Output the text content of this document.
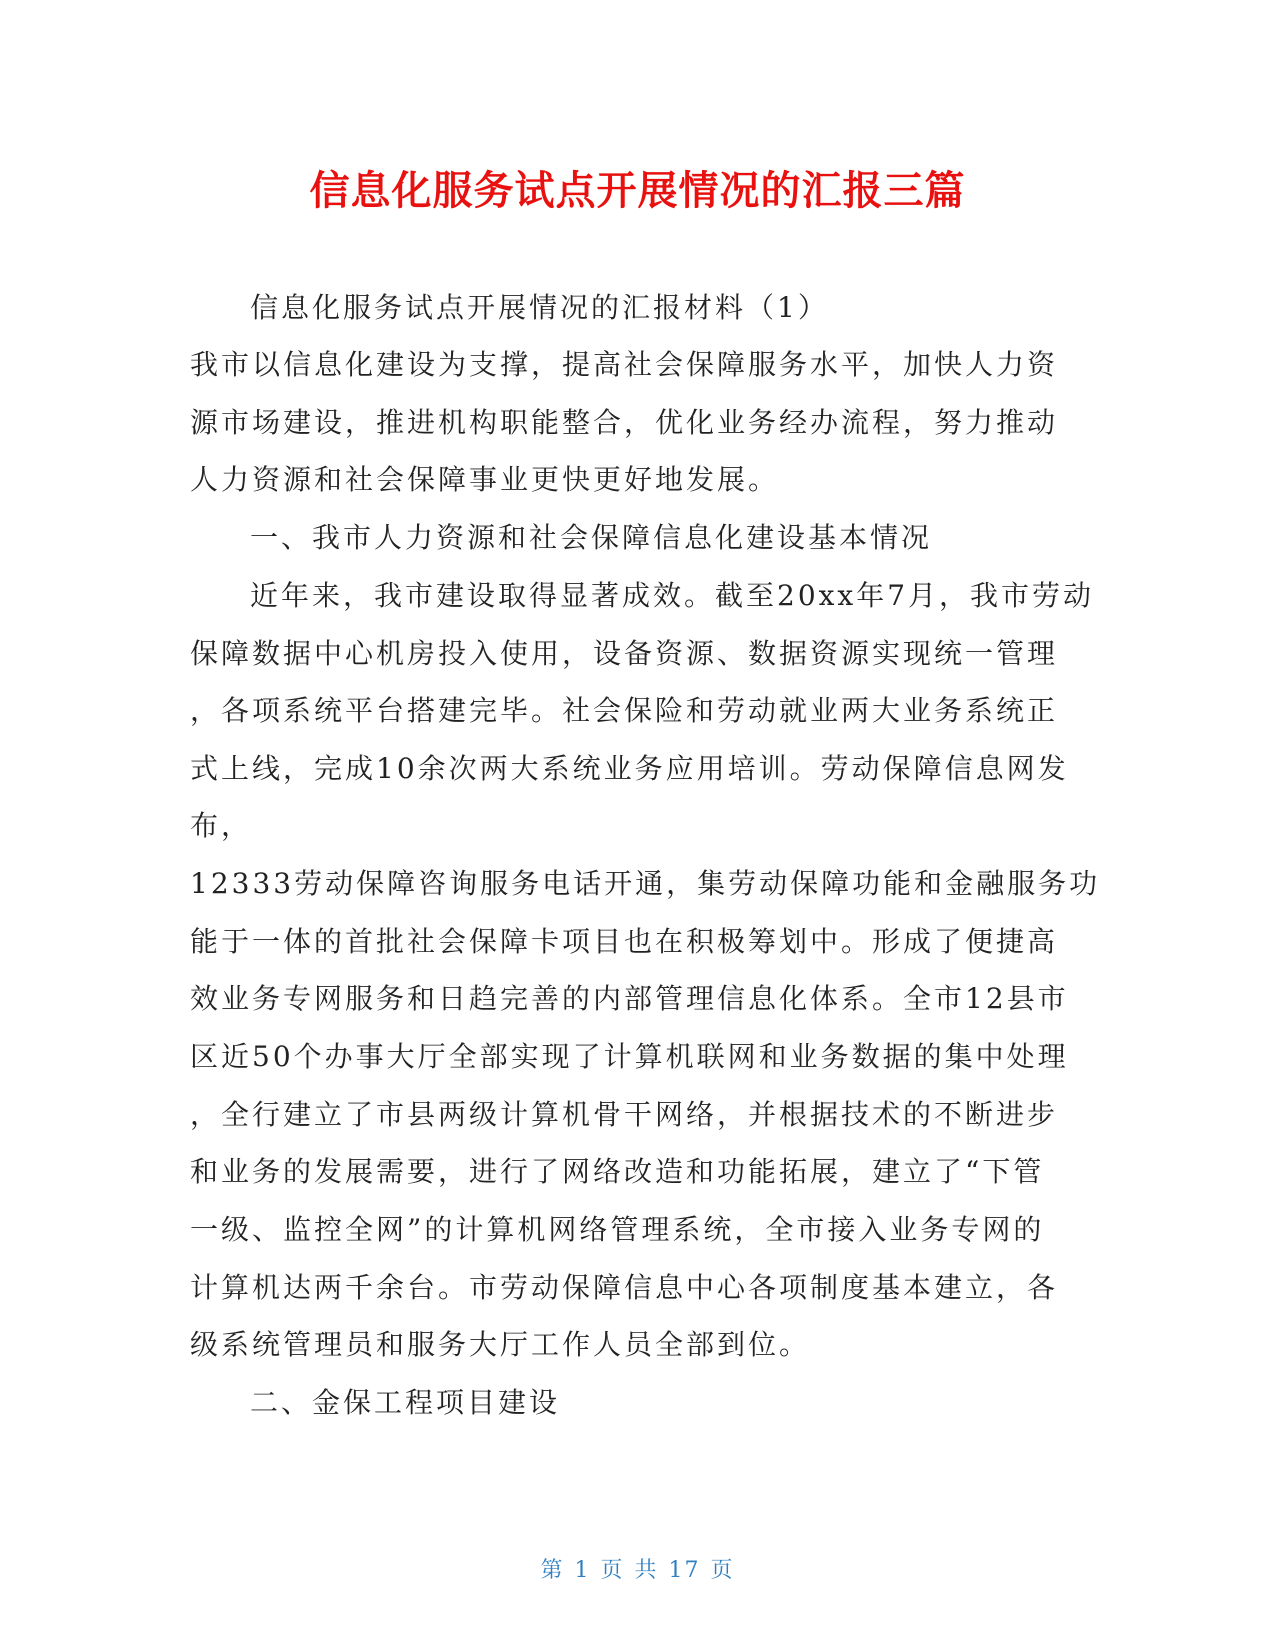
信息化服务试点开展情况的汇报三篇
信息化服务试点开展情况的汇报材料（1）
我市以信息化建设为支撑，提高社会保障服务水平，加快人力资
源市场建设，推进机构职能整合，优化业务经办流程，努力推动
人力资源和社会保障事业更快更好地发展。
一、我市人力资源和社会保障信息化建设基本情况
近年来，我市建设取得显著成效。截至20xx年7月，我市劳动
保障数据中心机房投入使用，设备资源、数据资源实现统一管理
，各项系统平台搭建完毕。社会保险和劳动就业两大业务系统正
式上线，完成10余次两大系统业务应用培训。劳动保障信息网发
布，
12333劳动保障咨询服务电话开通，集劳动保障功能和金融服务功
能于一体的首批社会保障卡项目也在积极筹划中。形成了便捷高
效业务专网服务和日趋完善的内部管理信息化体系。全市12县市
区近50个办事大厅全部实现了计算机联网和业务数据的集中处理
，全行建立了市县两级计算机骨干网络，并根据技术的不断进步
和业务的发展需要，进行了网络改造和功能拓展，建立了“下管
一级、监控全网”的计算机网络管理系统，全市接入业务专网的
计算机达两千余台。市劳动保障信息中心各项制度基本建立，各
级系统管理员和服务大厅工作人员全部到位。
二、金保工程项目建设
第 1 页 共 17 页
